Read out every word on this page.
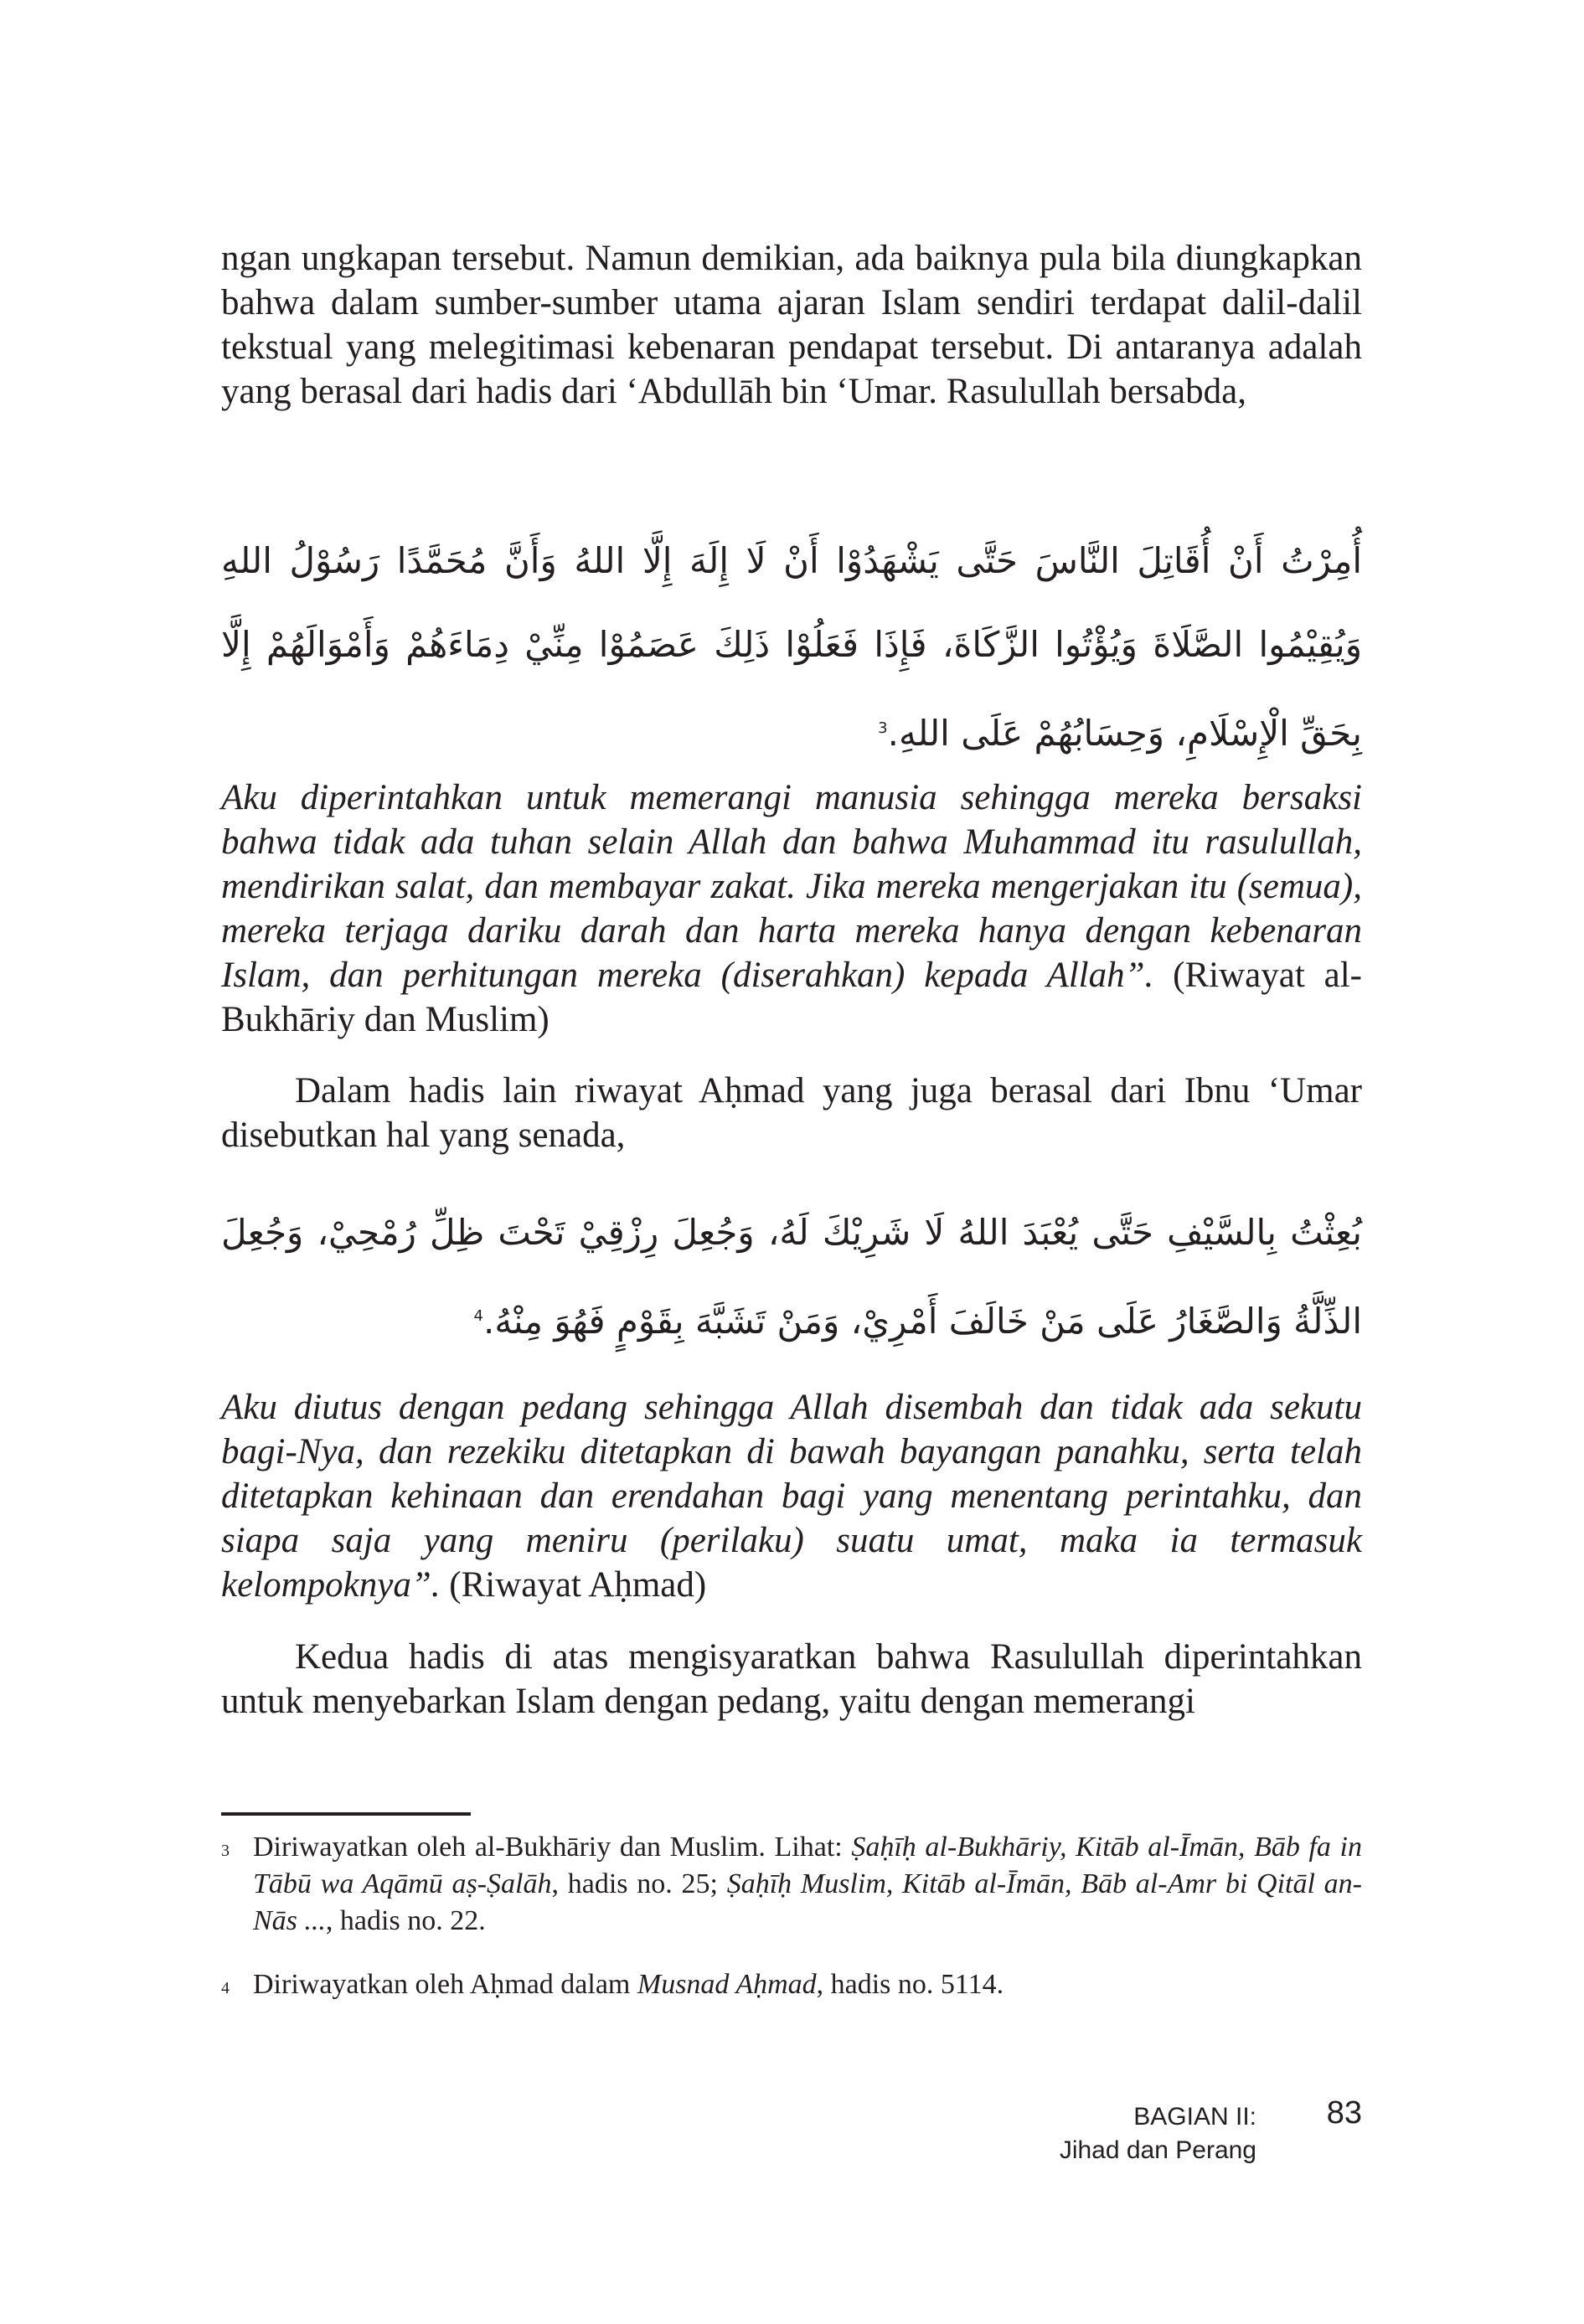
ngan ungkapan tersebut. Namun demikian, ada baiknya pula bila diungkapkan bahwa dalam sumber-sumber utama ajaran Islam sendiri terdapat dalil-dalil tekstual yang melegitimasi kebenaran pendapat tersebut. Di antaranya adalah yang berasal dari hadis dari ‘Abdullāh bin ‘Umar. Rasulullah bersabda,

أُمِرْتُ أَنْ أُقَاتِلَ النَّاسَ حَتَّى يَشْهَدُوْا أَنْ لَا إِلَهَ إِلَّا اللهُ وَأَنَّ مُحَمَّدًا رَسُوْلُ اللهِ وَيُقِيْمُوا الصَّلَاةَ وَيُؤْتُوا الزَّكَاةَ، فَإِذَا فَعَلُوْا ذَلِكَ عَصَمُوْا مِنِّيْ دِمَاءَهُمْ وَأَمْوَالَهُمْ إِلَّا بِحَقِّ الْإِسْلَامِ، وَحِسَابُهُمْ عَلَى اللهِ.$^3$

Aku diperintahkan untuk memerangi manusia sehingga mereka bersaksi bahwa tidak ada tuhan selain Allah dan bahwa Muhammad itu rasulullah, mendirikan salat, dan membayar zakat. Jika mereka mengerjakan itu (semua), mereka terjaga dariku darah dan harta mereka hanya dengan kebenaran Islam, dan perhitungan mereka (diserahkan) kepada Allah”. (Riwayat al-Bukhāriy dan Muslim)

Dalam hadis lain riwayat Aḥmad yang juga berasal dari Ibnu ‘Umar disebutkan hal yang senada,

بُعِثْتُ بِالسَّيْفِ حَتَّى يُعْبَدَ اللهُ لَا شَرِيْكَ لَهُ، وَجُعِلَ رِزْقِيْ تَحْتَ ظِلِّ رُمْحِيْ، وَجُعِلَ الذِّلَّةُ وَالصَّغَارُ عَلَى مَنْ خَالَفَ أَمْرِيْ، وَمَنْ تَشَبَّهَ بِقَوْمٍ فَهُوَ مِنْهُ.$^4$

Aku diutus dengan pedang sehingga Allah disembah dan tidak ada sekutu bagi-Nya, dan rezekiku ditetapkan di bawah bayangan panahku, serta telah ditetapkan kehinaan dan erendahan bagi yang menentang perintahku, dan siapa saja yang meniru (perilaku) suatu umat, maka ia termasuk kelompoknya”. (Riwayat Aḥmad)

Kedua hadis di atas mengisyaratkan bahwa Rasulullah diperintahkan untuk menyebarkan Islam dengan pedang, yaitu dengan memerangi

3 Diriwayatkan oleh al-Bukhāriy dan Muslim. Lihat: Ṣaḥīḥ al-Bukhāriy, Kitāb al-Īmān, Bāb fa in Tābū wa Aqāmū aṣ-Ṣalāh, hadis no. 25; Ṣaḥīḥ Muslim, Kitāb al-Īmān, Bāb al-Amr bi Qitāl an-Nās ..., hadis no. 22.
4 Diriwayatkan oleh Aḥmad dalam Musnad Aḥmad, hadis no. 5114.
BAGIAN II:
Jihad dan Perang
83
